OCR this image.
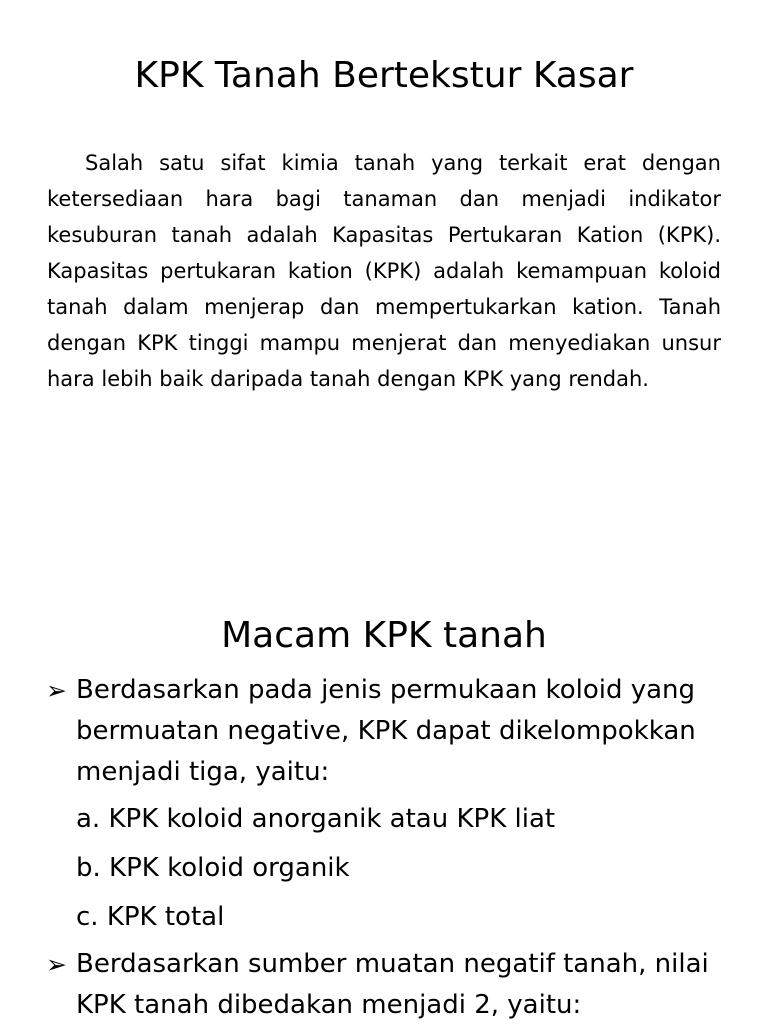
KPK Tanah Bertekstur Kasar

Salah satu sifat kimia tanah yang terkait erat dengan ketersediaan hara bagi tanaman dan menjadi indikator kesuburan tanah adalah Kapasitas Pertukaran Kation (KPK). Kapasitas pertukaran kation (KPK) adalah kemampuan koloid tanah dalam menjerap dan mempertukarkan kation. Tanah dengan KPK tinggi mampu menjerat dan menyediakan unsur hara lebih baik daripada tanah dengan KPK yang rendah.

Macam KPK tanah
➢ Berdasarkan pada jenis permukaan koloid yang bermuatan negative, KPK dapat dikelompokkan menjadi tiga, yaitu:
a. KPK koloid anorganik atau KPK liat
b. KPK koloid organik
c. KPK total
➢ Berdasarkan sumber muatan negatif tanah, nilai KPK tanah dibedakan menjadi 2, yaitu:
